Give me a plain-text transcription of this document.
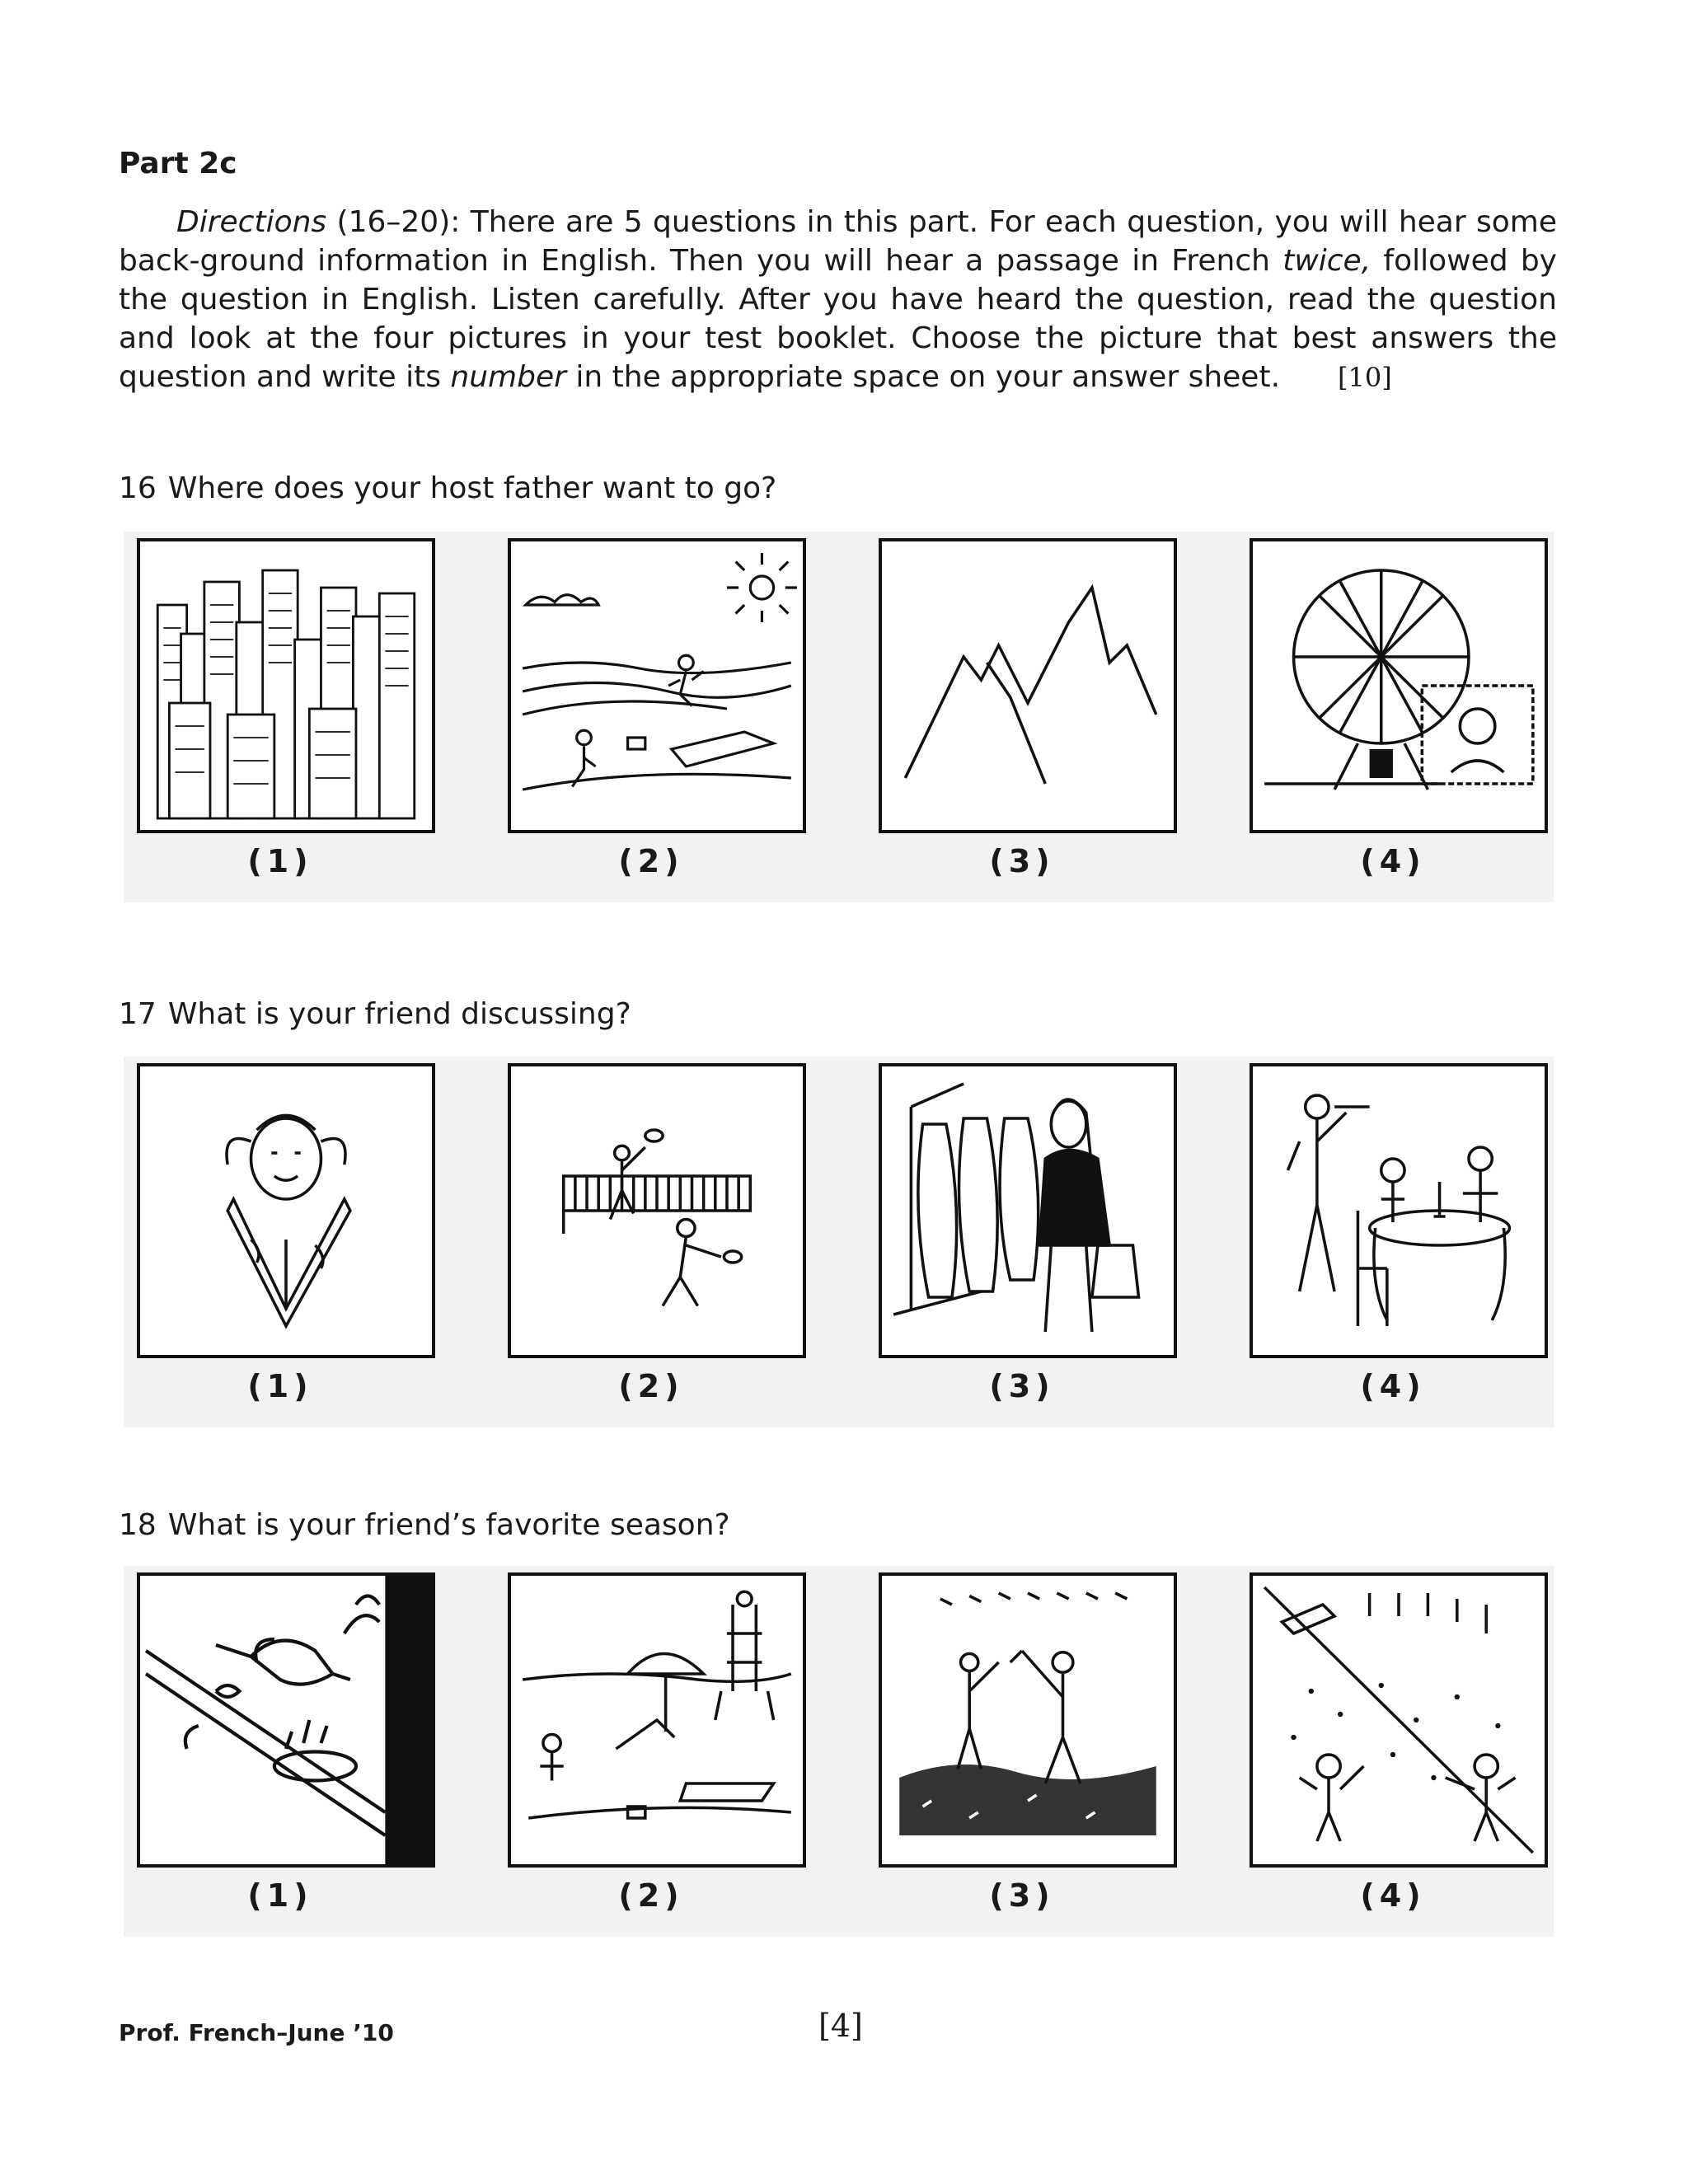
Part 2c

Directions (16–20): There are 5 questions in this part. For each question, you will hear some back-ground information in English. Then you will hear a passage in French twice, followed by the question in English. Listen carefully. After you have heard the question, read the question and look at the four pictures in your test booklet. Choose the picture that best answers the question and write its number in the appropriate space on your answer sheet. [10]

16 Where does your host father want to go?
(1)	(2)	(3)	(4)
17 What is your friend discussing?
(1)	(2)	(3)	(4)
18 What is your friend’s favorite season?
(1)	(2)	(3)	(4)
Prof. French–June ’10	[4]
